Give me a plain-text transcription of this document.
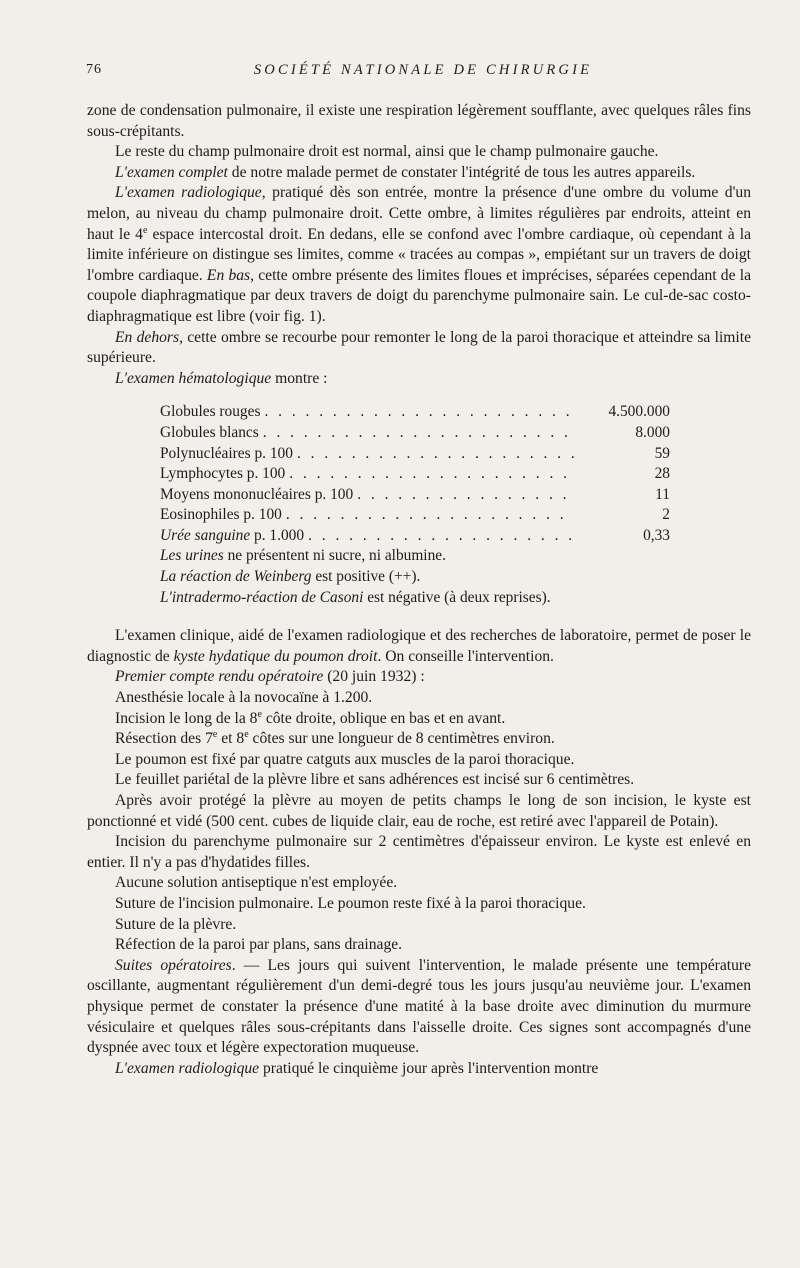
76	SOCIÉTÉ NATIONALE DE CHIRURGIE

zone de condensation pulmonaire, il existe une respiration légèrement soufflante, avec quelques râles fins sous-crépitants.

Le reste du champ pulmonaire droit est normal, ainsi que le champ pulmonaire gauche.

L'examen complet de notre malade permet de constater l'intégrité de tous les autres appareils.

L'examen radiologique, pratiqué dès son entrée, montre la présence d'une ombre du volume d'un melon, au niveau du champ pulmonaire droit. Cette ombre, à limites régulières par endroits, atteint en haut le 4e espace intercostal droit. En dedans, elle se confond avec l'ombre cardiaque, où cependant à la limite inférieure on distingue ses limites, comme « tracées au compas », empiétant sur un travers de doigt l'ombre cardiaque. En bas, cette ombre présente des limites floues et imprécises, séparées cependant de la coupole diaphragmatique par deux travers de doigt du parenchyme pulmonaire sain. Le cul-de-sac costo-diaphragmatique est libre (voir fig. 1).

En dehors, cette ombre se recourbe pour remonter le long de la paroi thoracique et atteindre sa limite supérieure.

L'examen hématologique montre :

Globules rouges . . .	4.500.000
Globules blancs . . .	8.000
Polynucléaires p. 100 . . .	59
Lymphocytes p. 100 . . .	28
Moyens mononucléaires p. 100 . . .	11
Eosinophiles p. 100 . . .	2
Urée sanguine p. 1.000 . . .	0,33
Les urines ne présentent ni sucre, ni albumine.
La réaction de Weinberg est positive (++).
L'intradermo-réaction de Casoni est négative (à deux reprises).

L'examen clinique, aidé de l'examen radiologique et des recherches de laboratoire, permet de poser le diagnostic de kyste hydatique du poumon droit. On conseille l'intervention.

Premier compte rendu opératoire (20 juin 1932) :

Anesthésie locale à la novocaïne à 1.200.

Incision le long de la 8e côte droite, oblique en bas et en avant.

Résection des 7e et 8e côtes sur une longueur de 8 centimètres environ.

Le poumon est fixé par quatre catguts aux muscles de la paroi thoracique.

Le feuillet pariétal de la plèvre libre et sans adhérences est incisé sur 6 centimètres.

Après avoir protégé la plèvre au moyen de petits champs le long de son incision, le kyste est ponctionné et vidé (500 cent. cubes de liquide clair, eau de roche, est retiré avec l'appareil de Potain).

Incision du parenchyme pulmonaire sur 2 centimètres d'épaisseur environ. Le kyste est enlevé en entier. Il n'y a pas d'hydatides filles.

Aucune solution antiseptique n'est employée.

Suture de l'incision pulmonaire. Le poumon reste fixé à la paroi thoracique.

Suture de la plèvre.

Réfection de la paroi par plans, sans drainage.

Suites opératoires. — Les jours qui suivent l'intervention, le malade présente une température oscillante, augmentant régulièrement d'un demi-degré tous les jours jusqu'au neuvième jour. L'examen physique permet de constater la présence d'une matité à la base droite avec diminution du murmure vésiculaire et quelques râles sous-crépitants dans l'aisselle droite. Ces signes sont accompagnés d'une dyspnée avec toux et légère expectoration muqueuse.

L'examen radiologique pratiqué le cinquième jour après l'intervention montre
